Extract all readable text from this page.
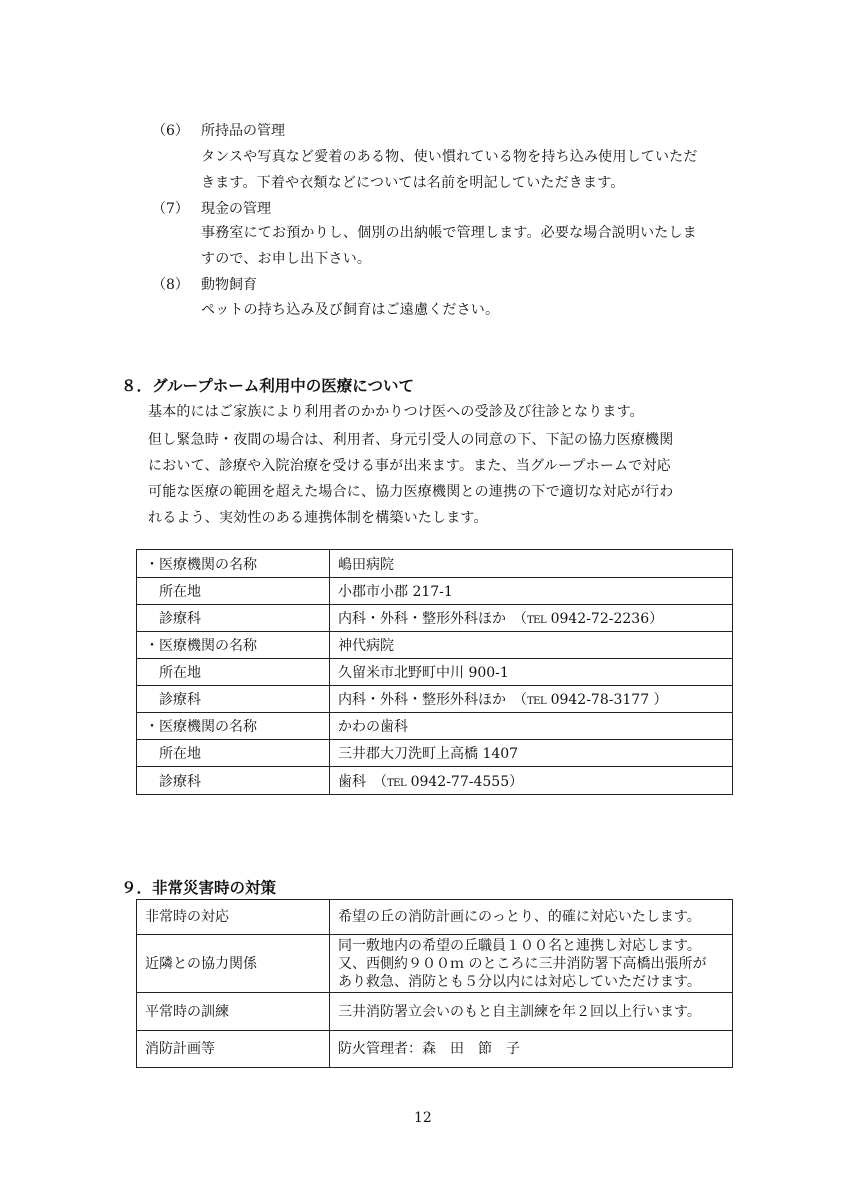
（6） 所持品の管理
タンスや写真など愛着のある物、使い慣れている物を持ち込み使用していただ
きます。下着や衣類などについては名前を明記していただきます。
（7） 現金の管理
事務室にてお預かりし、個別の出納帳で管理します。必要な場合説明いたしま
すので、お申し出下さい。
（8） 動物飼育
ペットの持ち込み及び飼育はご遠慮ください。
８．グループホーム利用中の医療について
基本的にはご家族により利用者のかかりつけ医への受診及び往診となります。
但し緊急時・夜間の場合は、利用者、身元引受人の同意の下、下記の協力医療機関
において、診療や入院治療を受ける事が出来ます。また、当グループホームで対応
可能な医療の範囲を超えた場合に、協力医療機関との連携の下で適切な対応が行わ
れるよう、実効性のある連携体制を構築いたします。
・医療機関の名称	嶋田病院
所在地	小郡市小郡 217-1
診療科	内科・外科・整形外科ほか　（TEL 0942-72-2236）
・医療機関の名称	神代病院
所在地	久留米市北野町中川 900-1
診療科	内科・外科・整形外科ほか　（TEL 0942-78-3177 ）
・医療機関の名称	かわの歯科
所在地	三井郡大刀洗町上高橋 1407
診療科	歯科　（TEL 0942-77-4555）
９．非常災害時の対策
非常時の対応	希望の丘の消防計画にのっとり、的確に対応いたします。
近隣との協力関係	同一敷地内の希望の丘職員１００名と連携し対応します。
又、西側約９００ｍ のところに三井消防署下高橋出張所が
あり救急、消防とも５分以内には対応していただけます。

平常時の訓練	三井消防署立会いのもと自主訓練を年２回以上行います。
消防計画等	防火管理者：森　田　節　子
12
